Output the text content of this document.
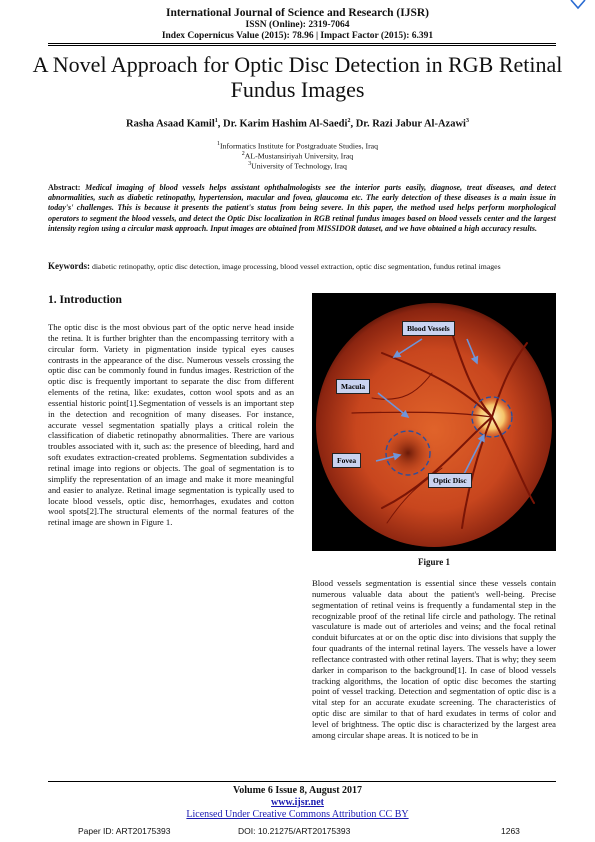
International Journal of Science and Research (IJSR)
ISSN (Online): 2319-7064
Index Copernicus Value (2015): 78.96 | Impact Factor (2015): 6.391
A Novel Approach for Optic Disc Detection in RGB Retinal Fundus Images
Rasha Asaad Kamil$^1$, Dr. Karim Hashim Al-Saedi$^2$, Dr. Razi Jabur Al-Azawi$^3$
$^1$Informatics Institute for Postgraduate Studies, Iraq
$^2$AL-Mustansiriyah University, Iraq
$^3$University of Technology, Iraq
Abstract: Medical imaging of blood vessels helps assistant ophthalmologists see the interior parts easily, diagnose, treat diseases, and detect abnormalities, such as diabetic retinopathy, hypertension, macular and fovea, glaucoma etc. The early detection of these diseases is a main issue in today's' challenges. This is because it presents the patient's status from being severe. In this paper, the method used helps perform morphological operators to segment the blood vessels, and detect the Optic Disc localization in RGB retinal fundus images based on blood vessels center and the largest intensity region using a circular mask approach. Input images are obtained from MISSIDOR dataset, and we have obtained a high accuracy results.
Keywords: diabetic retinopathy, optic disc detection, image processing, blood vessel extraction, optic disc segmentation, fundus retinal images
1. Introduction
The optic disc is the most obvious part of the optic nerve head inside the retina. It is further brighter than the encompassing territory with a circular form. Variety in pigmentation inside typical eyes causes contrasts in the appearance of the disc. Numerous vessels crossing the optic disc can be commonly found in fundus images. Restriction of the optic disc is frequently important to separate the disc from different elements of the retina, like: exudates, cotton wool spots and as an essential historic point[1].Segmentation of vessels is an important step in the detection and recognition of many diseases. For instance, accurate vessel segmentation spatially plays a critical rolein the classification of diabetic retinopathy abnormalities. There are various troubles associated with it, such as: the presence of bleeding, hard and soft exudates extraction-created problems. Segmentation subdivides a retinal image into regions or objects. The goal of segmentation is to simplify the representation of an image and make it more meaningful and easier to analyze. Retinal image segmentation is typically used to locate blood vessels, optic disc, hemorrhages, exudates and cotton wool spots[2].The structural elements of the normal features of the retinal image are shown in Figure 1.
Blood Vessels
Macula
Fovea
Optic Disc
Figure 1
Blood vessels segmentation is essential since these vessels contain numerous valuable data about the patient's well-being. Precise segmentation of retinal veins is frequently a fundamental step in the recognizable proof of the retinal life circle and pathology. The retinal vasculature is made out of arterioles and veins; and the focal retinal conduit bifurcates at or on the optic disc into divisions that supply the four quadrants of the internal retinal layers. The vessels have a lower reflectance contrasted with other retinal layers. That is why; they seem darker in comparison to the background[1]. In case of blood vessels tracking algorithms, the location of optic disc becomes the starting point of vessel tracking. Detection and segmentation of optic disc is a vital step for an accurate exudate screening. The characteristics of optic disc are similar to that of hard exudates in terms of color and level of brightness. The optic disc is characterized by the largest area among circular shape areas. It is noticed to be in
Volume 6 Issue 8, August 2017
www.ijsr.net
Licensed Under Creative Commons Attribution CC BY
Paper ID: ART20175393	DOI: 10.21275/ART20175393	1263
